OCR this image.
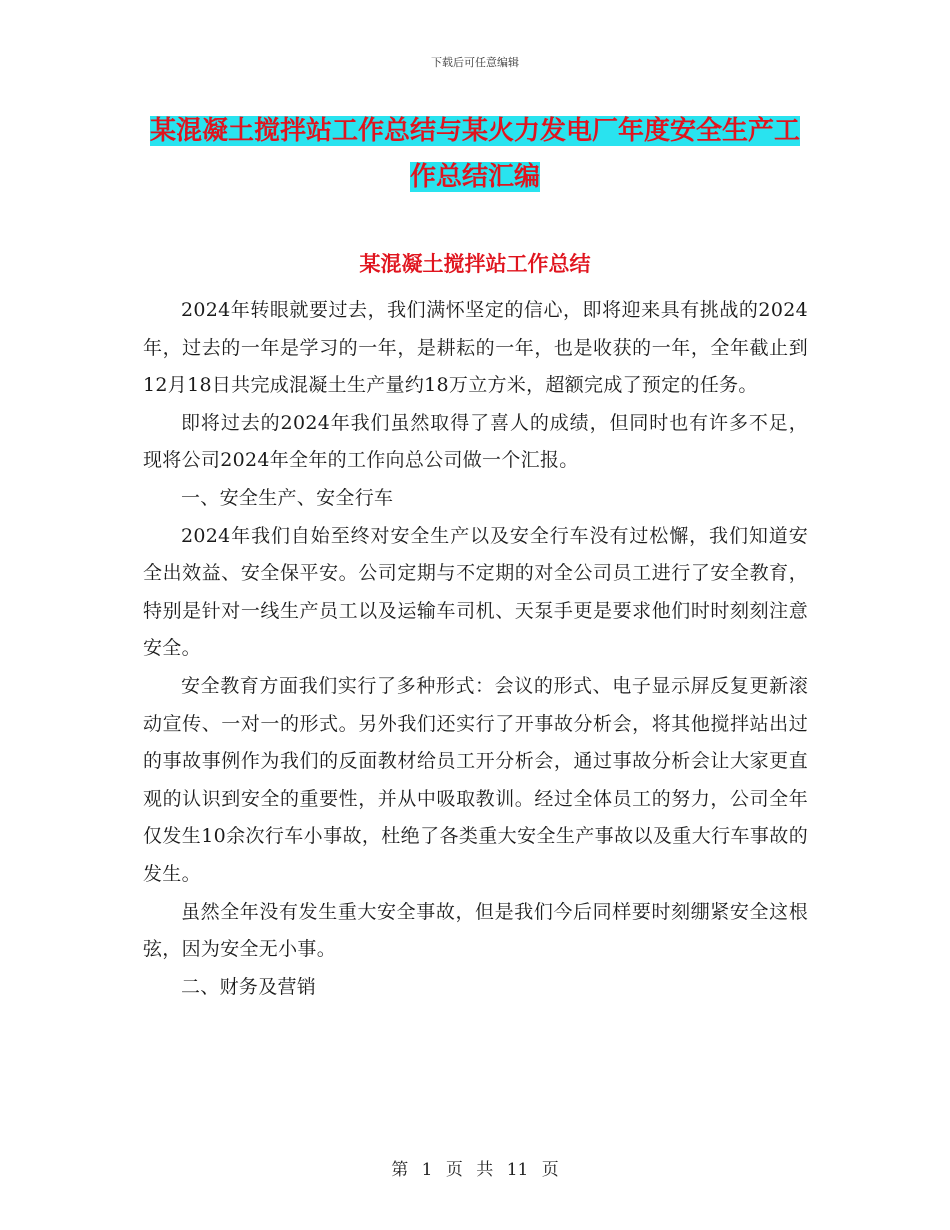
下载后可任意编辑
某混凝土搅拌站工作总结与某火力发电厂年度安全生产工作总结汇编
某混凝土搅拌站工作总结

2024年转眼就要过去，我们满怀坚定的信心，即将迎来具有挑战的2024年，过去的一年是学习的一年，是耕耘的一年，也是收获的一年，全年截止到12月18日共完成混凝土生产量约18万立方米，超额完成了预定的任务。

即将过去的2024年我们虽然取得了喜人的成绩，但同时也有许多不足，现将公司2024年全年的工作向总公司做一个汇报。

一、安全生产、安全行车

2024年我们自始至终对安全生产以及安全行车没有过松懈，我们知道安全出效益、安全保平安。公司定期与不定期的对全公司员工进行了安全教育，特别是针对一线生产员工以及运输车司机、天泵手更是要求他们时时刻刻注意安全。

安全教育方面我们实行了多种形式：会议的形式、电子显示屏反复更新滚动宣传、一对一的形式。另外我们还实行了开事故分析会，将其他搅拌站出过的事故事例作为我们的反面教材给员工开分析会，通过事故分析会让大家更直观的认识到安全的重要性，并从中吸取教训。经过全体员工的努力，公司全年仅发生10余次行车小事故，杜绝了各类重大安全生产事故以及重大行车事故的发生。

虽然全年没有发生重大安全事故，但是我们今后同样要时刻绷紧安全这根弦，因为安全无小事。

二、财务及营销

第 1 页 共 11 页
